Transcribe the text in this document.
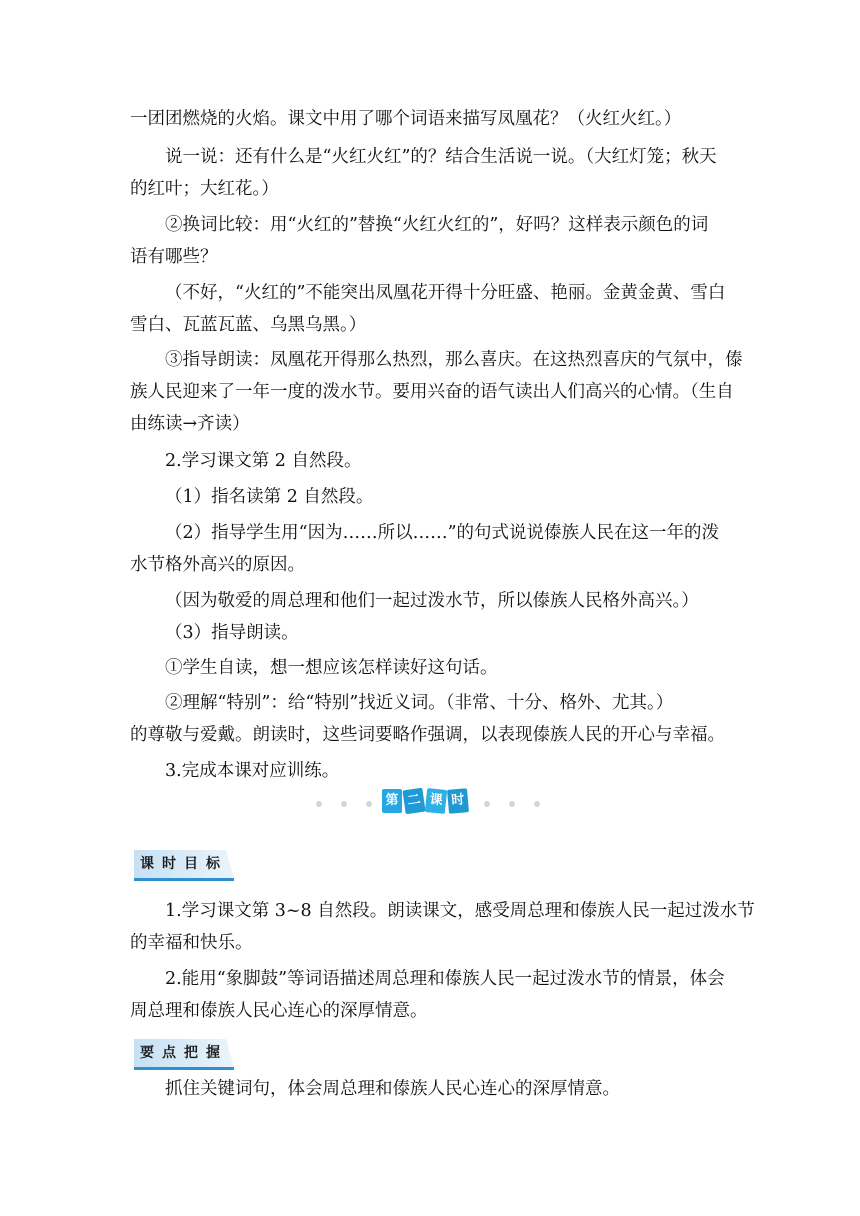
一团团燃烧的火焰。课文中用了哪个词语来描写凤凰花？（火红火红。）
说一说：还有什么是“火红火红”的？结合生活说一说。（大红灯笼；秋天
的红叶；大红花。）
②换词比较：用“火红的”替换“火红火红的”，好吗？这样表示颜色的词
语有哪些？
（不好，“火红的”不能突出凤凰花开得十分旺盛、艳丽。金黄金黄、雪白
雪白、瓦蓝瓦蓝、乌黑乌黑。）
③指导朗读：凤凰花开得那么热烈，那么喜庆。在这热烈喜庆的气氛中，傣
族人民迎来了一年一度的泼水节。要用兴奋的语气读出人们高兴的心情。（生自
由练读→齐读）
2.学习课文第 2 自然段。
（1）指名读第 2 自然段。
（2）指导学生用“因为……所以……”的句式说说傣族人民在这一年的泼
水节格外高兴的原因。
（因为敬爱的周总理和他们一起过泼水节，所以傣族人民格外高兴。）
（3）指导朗读。
①学生自读，想一想应该怎样读好这句话。
②理解“特别”：给“特别”找近义词。（非常、十分、格外、尤其。）
的尊敬与爱戴。朗读时，这些词要略作强调，以表现傣族人民的开心与幸福。
3.完成本课对应训练。
第 二 课 时
课时目标
1.学习课文第 3~8 自然段。朗读课文，感受周总理和傣族人民一起过泼水节
的幸福和快乐。
2.能用“象脚鼓”等词语描述周总理和傣族人民一起过泼水节的情景，体会
周总理和傣族人民心连心的深厚情意。
要点把握
抓住关键词句，体会周总理和傣族人民心连心的深厚情意。
